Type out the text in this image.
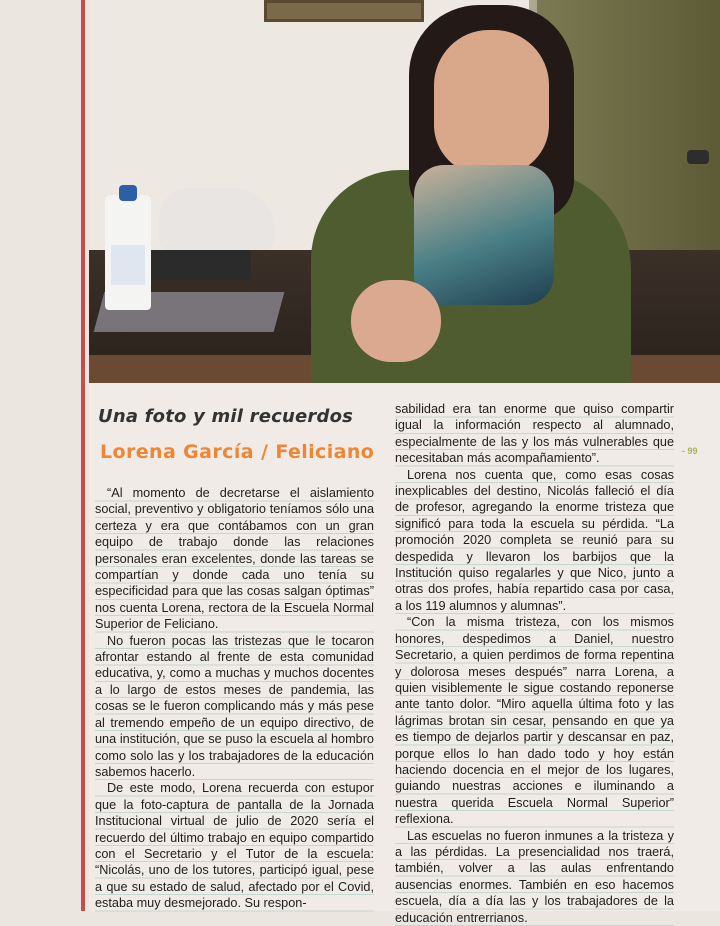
Una foto y mil recuerdos
Lorena García / Feliciano	- 99

“Al momento de decretarse el aislamiento social, preventivo y obligatorio teníamos sólo una certeza y era que contábamos con un gran equipo de trabajo donde las relaciones personales eran excelentes, donde las tareas se compartían y donde cada uno tenía su especificidad para que las cosas salgan óptimas” nos cuenta Lorena, rectora de la Escuela Normal Superior de Feliciano.

No fueron pocas las tristezas que le tocaron afrontar estando al frente de esta comunidad educativa, y, como a muchas y muchos docentes a lo largo de estos meses de pandemia, las cosas se le fueron complicando más y más pese al tremendo empeño de un equipo directivo, de una institución, que se puso la escuela al hombro como solo las y los trabajadores de la educación sabemos hacerlo.

De este modo, Lorena recuerda con estupor que la foto-captura de pantalla de la Jornada Institucional virtual de julio de 2020 sería el recuerdo del último trabajo en equipo compartido con el Secretario y el Tutor de la escuela: “Nicolás, uno de los tutores, participó igual, pese a que su estado de salud, afectado por el Covid, estaba muy desmejorado. Su respon-

sabilidad era tan enorme que quiso compartir igual la información respecto al alumnado, especialmente de las y los más vulnerables que necesitaban más acompañamiento”.

Lorena nos cuenta que, como esas cosas inexplicables del destino, Nicolás falleció el día de profesor, agregando la enorme tristeza que significó para toda la escuela su pérdida. “La promoción 2020 completa se reunió para su despedida y llevaron los barbijos que la Institución quiso regalarles y que Nico, junto a otras dos profes, había repartido casa por casa, a los 119 alumnos y alumnas”.

“Con la misma tristeza, con los mismos honores, despedimos a Daniel, nuestro Secretario, a quien perdimos de forma repentina y dolorosa meses después” narra Lorena, a quien visiblemente le sigue costando reponerse ante tanto dolor. “Miro aquella última foto y las lágrimas brotan sin cesar, pensando en que ya es tiempo de dejarlos partir y descansar en paz, porque ellos lo han dado todo y hoy están haciendo docencia en el mejor de los lugares, guiando nuestras acciones e iluminando a nuestra querida Escuela Normal Superior” reflexiona.

Las escuelas no fueron inmunes a la tristeza y a las pérdidas. La presencialidad nos traerá, también, volver a las aulas enfrentando ausencias enormes. También en eso hacemos escuela, día a día las y los trabajadores de la educación entrerrianos.
